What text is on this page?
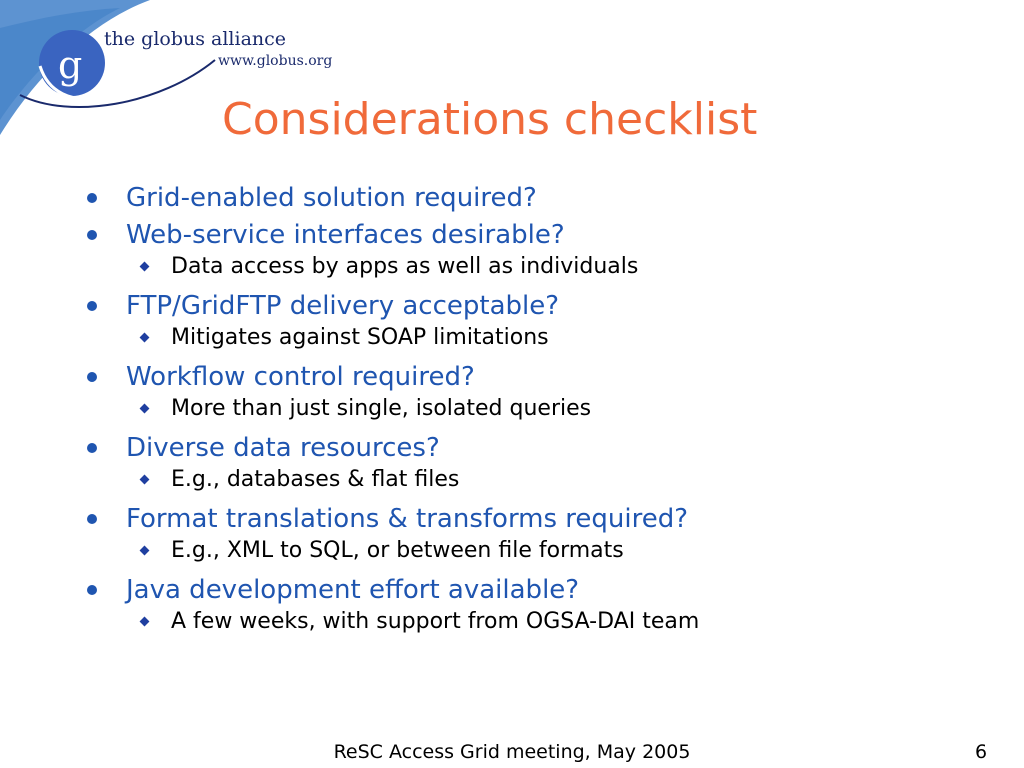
g
the globus alliance
www.globus.org
Considerations checklist
Grid-enabled solution required?
Web-service interfaces desirable?
Data access by apps as well as individuals
FTP/GridFTP delivery acceptable?
Mitigates against SOAP limitations
Workflow control required?
More than just single, isolated queries
Diverse data resources?
E.g., databases & flat files
Format translations & transforms required?
E.g., XML to SQL, or between file formats
Java development effort available?
A few weeks, with support from OGSA-DAI team
ReSC Access Grid meeting, May 2005	6
